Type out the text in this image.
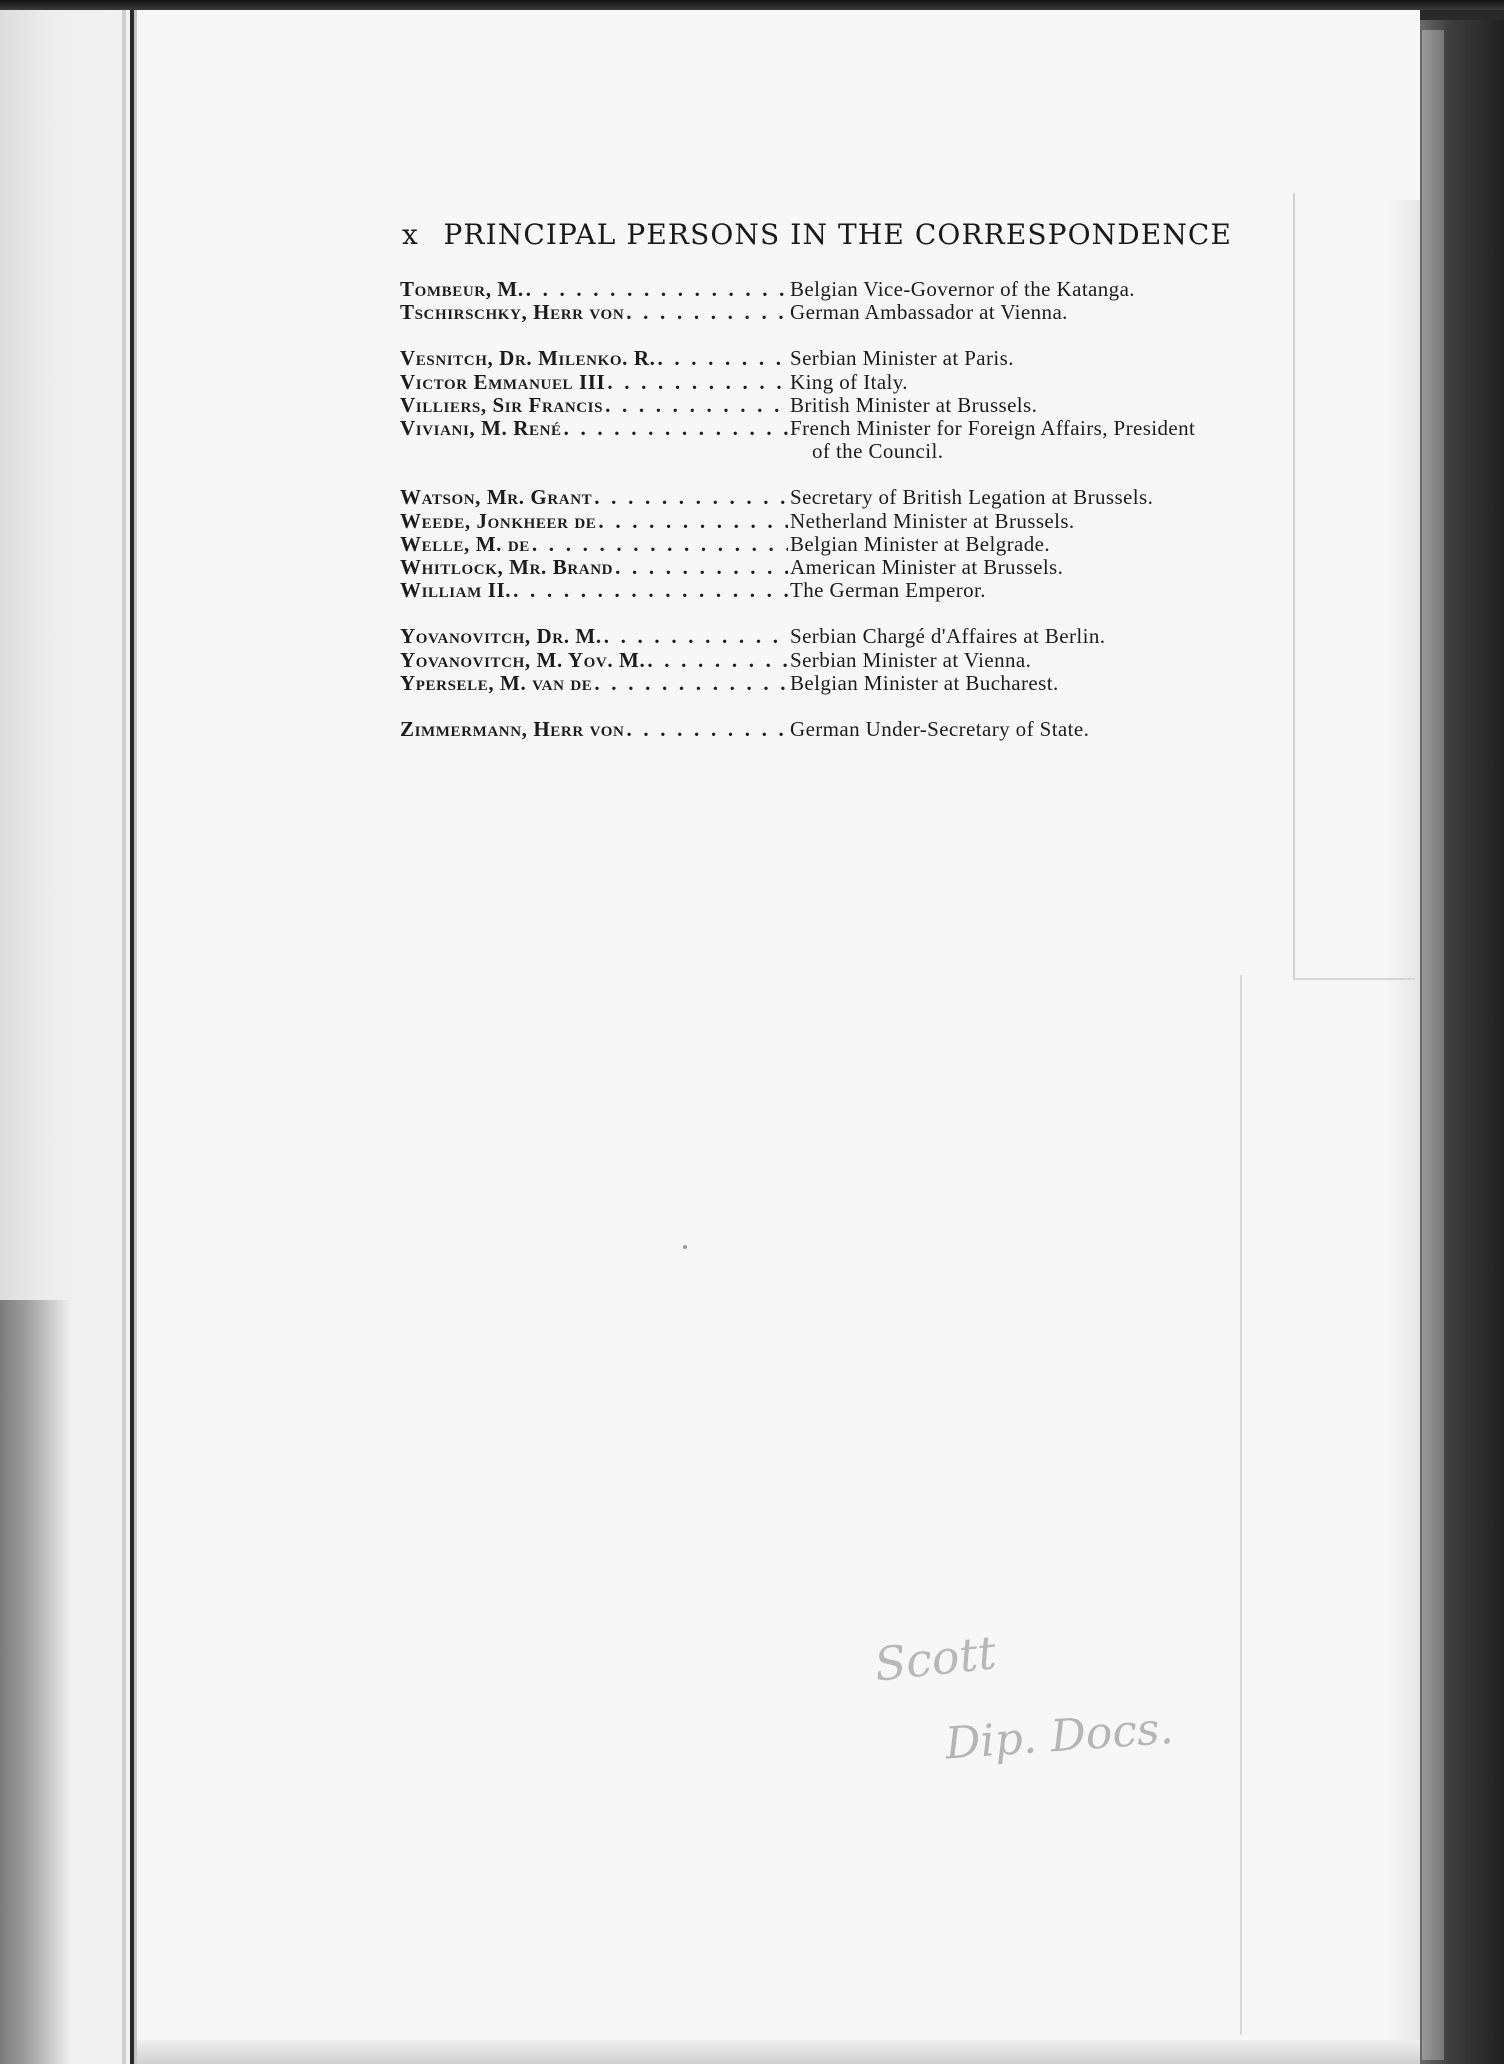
x PRINCIPAL PERSONS IN THE CORRESPONDENCE
Tombeur, M. . . .	Belgian Vice-Governor of the Katanga.
Tschirschky, Herr von . . .	German Ambassador at Vienna.
Vesnitch, Dr. Milenko. R. . . .	Serbian Minister at Paris.
Victor Emmanuel III . . .	King of Italy.
Villiers, Sir Francis . . .	British Minister at Brussels.
Viviani, M. René . . .	French Minister for Foreign Affairs, President
of the Council.
Watson, Mr. Grant . . .	Secretary of British Legation at Brussels.
Weede, Jonkheer de . . .	Netherland Minister at Brussels.
Welle, M. de . . .	Belgian Minister at Belgrade.
Whitlock, Mr. Brand . . .	American Minister at Brussels.
William II. . . .	The German Emperor.
Yovanovitch, Dr. M. . . .	Serbian Chargé d'Affaires at Berlin.
Yovanovitch, M. Yov. M. . . .	Serbian Minister at Vienna.
Ypersele, M. van de . . .	Belgian Minister at Bucharest.
Zimmermann, Herr von . . .	German Under-Secretary of State.
Scott
Dip. Docs.
